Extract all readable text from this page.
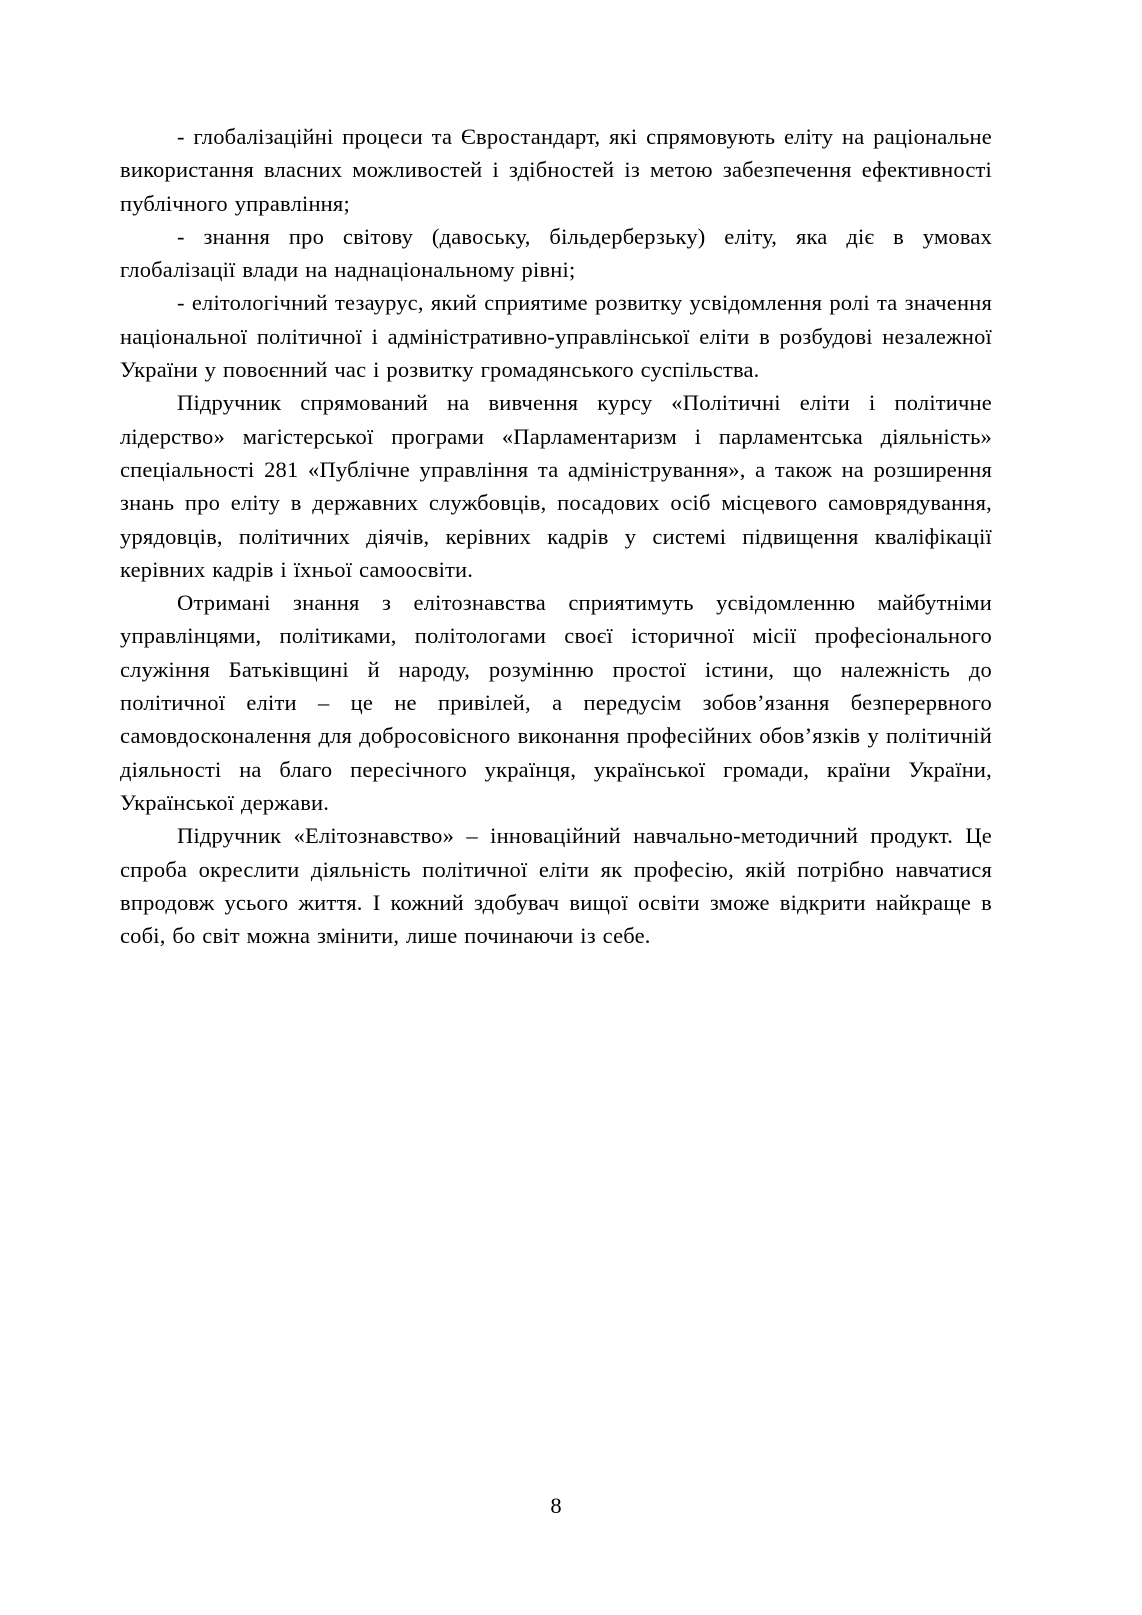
- глобалізаційні процеси та Євростандарт, які спрямовують еліту на раціональне використання власних можливостей і здібностей із метою забезпечення ефективності публічного управління;

- знання про світову (давоську, більдерберзьку) еліту, яка діє в умовах глобалізації влади на наднаціональному рівні;

- елітологічний тезаурус, який сприятиме розвитку усвідомлення ролі та значення національної політичної і адміністративно-управлінської еліти в розбудові незалежної України у повоєнний час і розвитку громадянського суспільства.

Підручник спрямований на вивчення курсу «Політичні еліти і політичне лідерство» магістерської програми «Парламентаризм і парламентська діяльність» спеціальності 281 «Публічне управління та адміністрування», а також на розширення знань про еліту в державних службовців, посадових осіб місцевого самоврядування, урядовців, політичних діячів, керівних кадрів у системі підвищення кваліфікації керівних кадрів і їхньої самоосвіти.

Отримані знання з елітознавства сприятимуть усвідомленню майбутніми управлінцями, політиками, політологами своєї історичної місії професіонального служіння Батьківщині й народу, розумінню простої істини, що належність до політичної еліти – це не привілей, а передусім зобов’язання безперервного самовдосконалення для добросовісного виконання професійних обов’язків у політичній діяльності на благо пересічного українця, української громади, країни України, Української держави.

Підручник «Елітознавство» – інноваційний навчально-методичний продукт. Це спроба окреслити діяльність політичної еліти як професію, якій потрібно навчатися впродовж усього життя. І кожний здобувач вищої освіти зможе відкрити найкраще в собі, бо світ можна змінити, лише починаючи із себе.

8
